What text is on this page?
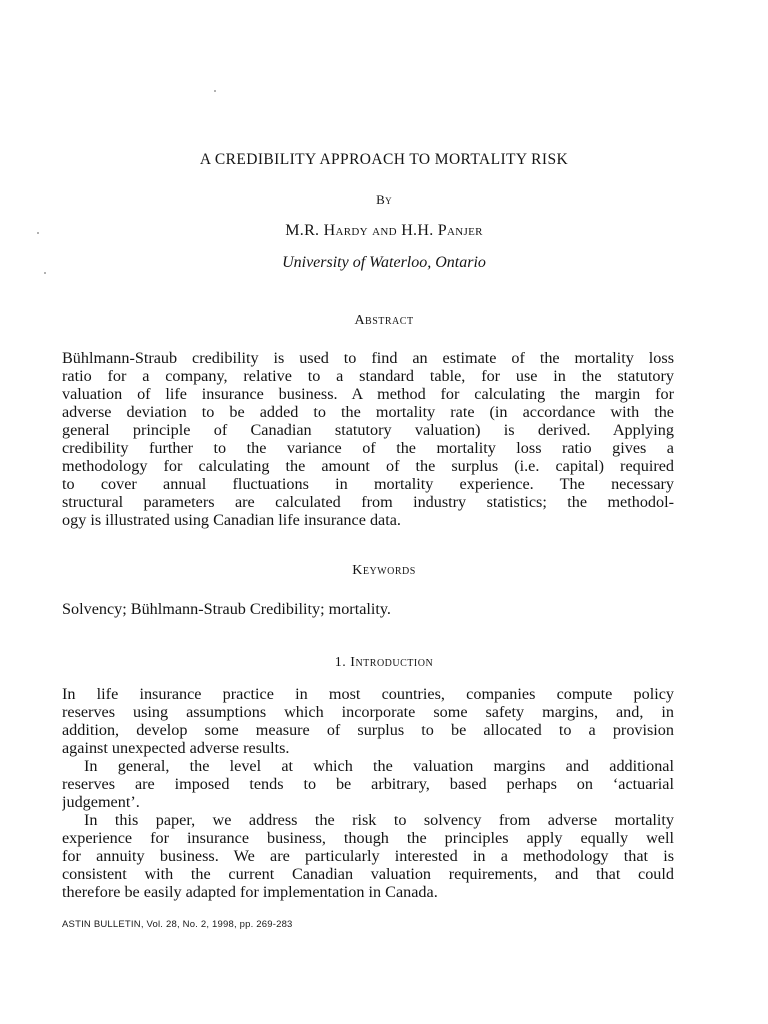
A CREDIBILITY APPROACH TO MORTALITY RISK
By
M.R. Hardy and H.H. Panjer
University of Waterloo, Ontario
Abstract
Bühlmann-Straub credibility is used to find an estimate of the mortality loss
ratio for a company, relative to a standard table, for use in the statutory
valuation of life insurance business. A method for calculating the margin for
adverse deviation to be added to the mortality rate (in accordance with the
general principle of Canadian statutory valuation) is derived. Applying
credibility further to the variance of the mortality loss ratio gives a
methodology for calculating the amount of the surplus (i.e. capital) required
to cover annual fluctuations in mortality experience. The necessary
structural parameters are calculated from industry statistics; the methodol-
ogy is illustrated using Canadian life insurance data.
Keywords
Solvency; Bühlmann-Straub Credibility; mortality.
1. Introduction
In life insurance practice in most countries, companies compute policy
reserves using assumptions which incorporate some safety margins, and, in
addition, develop some measure of surplus to be allocated to a provision
against unexpected adverse results.
In general, the level at which the valuation margins and additional
reserves are imposed tends to be arbitrary, based perhaps on ‘actuarial
judgement’.
In this paper, we address the risk to solvency from adverse mortality
experience for insurance business, though the principles apply equally well
for annuity business. We are particularly interested in a methodology that is
consistent with the current Canadian valuation requirements, and that could
therefore be easily adapted for implementation in Canada.
ASTIN BULLETIN, Vol. 28, No. 2, 1998, pp. 269-283
